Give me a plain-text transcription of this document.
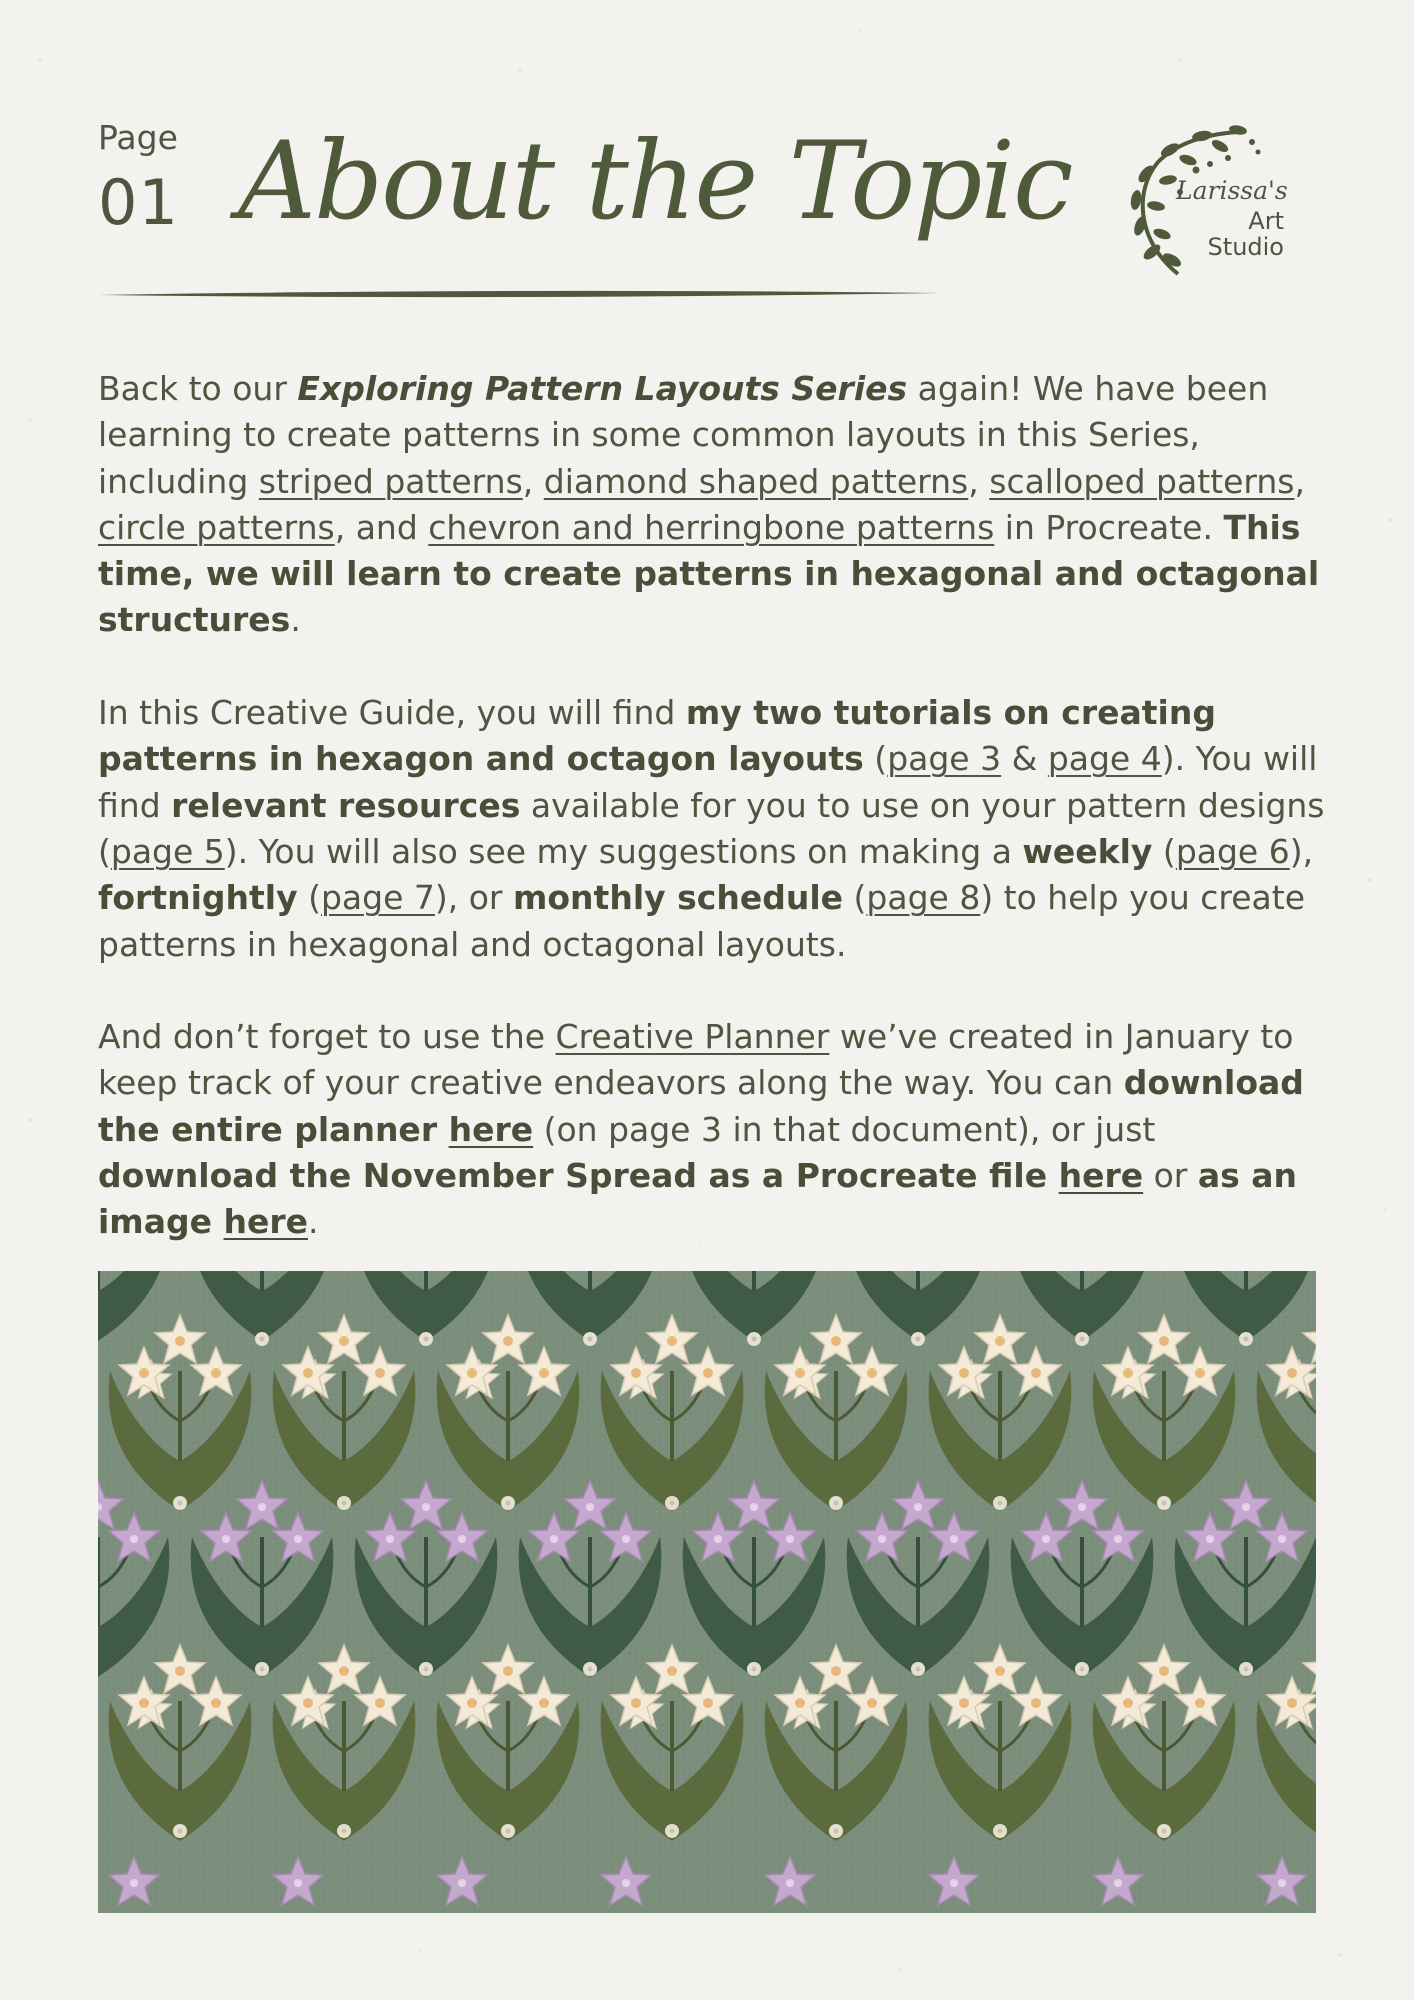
Page
01 About the Topic	Larissa's
Art
Studio

Back to our Exploring Pattern Layouts Series again! We have been learning to create patterns in some common layouts in this Series, including striped patterns, diamond shaped patterns, scalloped patterns, circle patterns, and chevron and herringbone patterns in Procreate. This time, we will learn to create patterns in hexagonal and octagonal structures.

In this Creative Guide, you will find my two tutorials on creating patterns in hexagon and octagon layouts (page 3 & page 4). You will find relevant resources available for you to use on your pattern designs (page 5). You will also see my suggestions on making a weekly (page 6), fortnightly (page 7), or monthly schedule (page 8) to help you create patterns in hexagonal and octagonal layouts.

And don’t forget to use the Creative Planner we’ve created in January to keep track of your creative endeavors along the way. You can download the entire planner here (on page 3 in that document), or just download the November Spread as a Procreate file here or as an image here.
